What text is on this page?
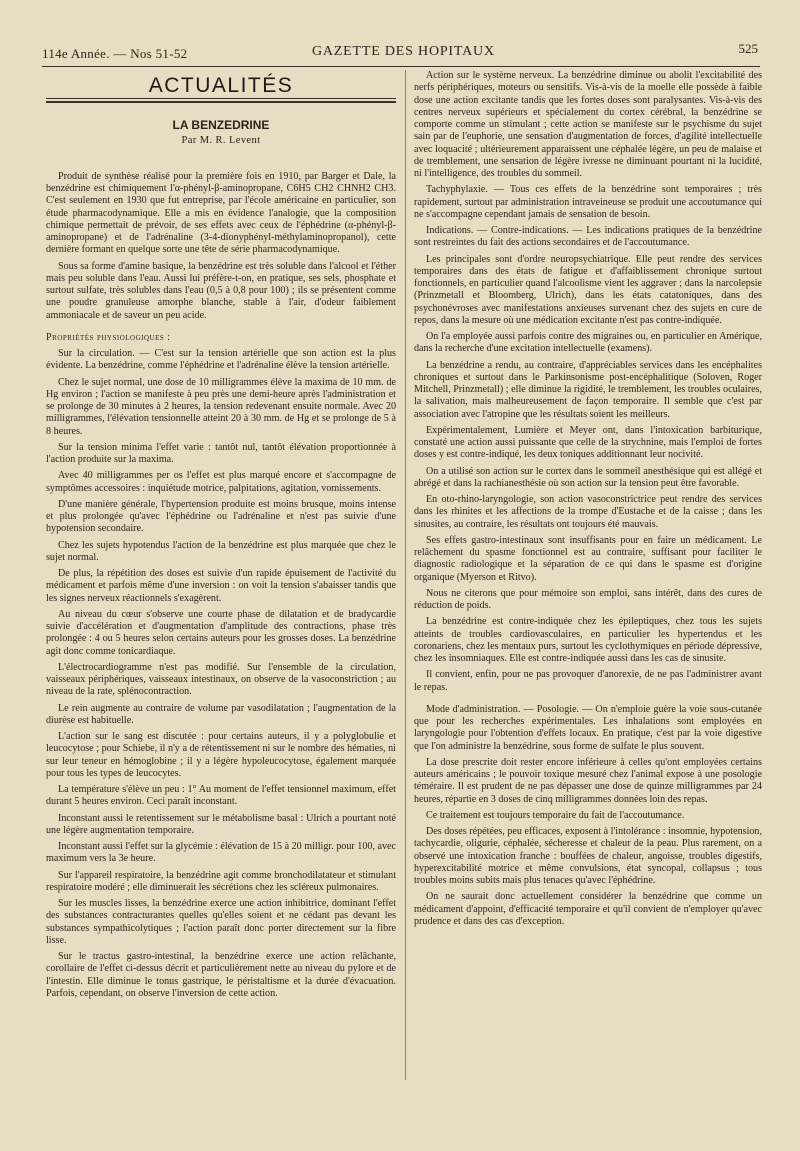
114e Année. — Nos 51-52	GAZETTE DES HOPITAUX	525
ACTUALITÉS
LA BENZEDRINE
Par M. R. Levent

Produit de synthèse réalisé pour la première fois en 1910, par Barger et Dale, la benzédrine est chimiquement l'α-phényl-β-aminopropane, C6H5 CH2 CHNH2 CH3. C'est seulement en 1930 que fut entreprise, par l'école américaine en particulier, son étude pharmacodynamique. Elle a mis en évidence l'analogie, que la composition chimique permettait de prévoir, de ses effets avec ceux de l'éphédrine (α-phényl-β-aminopropane) et de l'adrénaline (3-4-dionyphényl-méthylaminopropanol), cette dernière formant en quelque sorte une tête de série pharmacodynamique.

Sous sa forme d'amine basique, la benzédrine est très soluble dans l'alcool et l'éther mais peu soluble dans l'eau. Aussi lui préfère-t-on, en pratique, ses sels, phosphate et surtout sulfate, très solubles dans l'eau (0,5 à 0,8 pour 100) ; ils se présentent comme une poudre granuleuse amorphe blanche, stable à l'air, d'odeur faiblement ammoniacale et de saveur un peu acide.

Propriétés physiologiques :

Sur la circulation. — C'est sur la tension artérielle que son action est la plus évidente. La benzédrine, comme l'éphédrine et l'adrénaline élève la tension artérielle.

Chez le sujet normal, une dose de 10 milligrammes élève la maxima de 10 mm. de Hg environ ; l'action se manifeste à peu près une demi-heure après l'administration et se prolonge de 30 minutes à 2 heures, la tension redevenant ensuite normale. Avec 20 milligrammes, l'élévation tensionnelle atteint 20 à 30 mm. de Hg et se prolonge de 5 à 8 heures.

Sur la tension minima l'effet varie : tantôt nul, tantôt élévation proportionnée à l'action produite sur la maxima.

Avec 40 milligrammes per os l'effet est plus marqué encore et s'accompagne de symptômes accessoires : inquiétude motrice, palpitations, agitation, vomissements.

D'une manière générale, l'hypertension produite est moins brusque, moins intense et plus prolongée qu'avec l'éphédrine ou l'adrénaline et n'est pas suivie d'une hypotension secondaire.

Chez les sujets hypotendus l'action de la benzédrine est plus marquée que chez le sujet normal.

De plus, la répétition des doses est suivie d'un rapide épuisement de l'activité du médicament et parfois même d'une inversion : on voit la tension s'abaisser tandis que les signes nerveux réactionnels s'exagèrent.

Au niveau du cœur s'observe une courte phase de dilatation et de bradycardie suivie d'accélération et d'augmentation d'amplitude des contractions, phase très prolongée : 4 ou 5 heures selon certains auteurs pour les grosses doses. La benzédrine agit donc comme tonicardiaque.

L'électrocardiogramme n'est pas modifié. Sur l'ensemble de la circulation, vaisseaux périphériques, vaisseaux intestinaux, on observe de la vasoconstriction ; au niveau de la rate, splénocontraction.

Le rein augmente au contraire de volume par vasodilatation ; l'augmentation de la diurèse est habituelle.

L'action sur le sang est discutée : pour certains auteurs, il y a polyglobulie et leucocytose ; pour Schiebe, il n'y a de rétentissement ni sur le nombre des hématies, ni sur leur teneur en hémoglobine ; il y a légère hypoleucocytose, également marquée pour tous les types de leucocytes.

La température s'élève un peu : 1° Au moment de l'effet tensionnel maximum, effet durant 5 heures environ. Ceci paraît inconstant.

Inconstant aussi le retentissement sur le métabolisme basal : Ulrich a pourtant noté une légère augmentation temporaire.

Inconstant aussi l'effet sur la glycémie : élévation de 15 à 20 milligr. pour 100, avec maximum vers la 3e heure.

Sur l'appareil respiratoire, la benzédrine agit comme bronchodilatateur et stimulant respiratoire modéré ; elle diminuerait les sécrétions chez les scléreux pulmonaires.

Sur les muscles lisses, la benzédrine exerce une action inhibitrice, dominant l'effet des substances contracturantes quelles qu'elles soient et ne cédant pas devant les substances sympathicolytiques ; l'action paraît donc porter directement sur la fibre lisse.

Sur le tractus gastro-intestinal, la benzédrine exerce une action relâchante, corollaire de l'effet ci-dessus décrit et particulièrement nette au niveau du pylore et de l'intestin. Elle diminue le tonus gastrique, le péristaltisme et la durée d'évacuation. Parfois, cependant, on observe l'inversion de cette action.

Action sur le système nerveux. La benzédrine diminue ou abolit l'excitabilité des nerfs périphériques, moteurs ou sensitifs. Vis-à-vis de la moelle elle possède à faible dose une action excitante tandis que les fortes doses sont paralysantes. Vis-à-vis des centres nerveux supérieurs et spécialement du cortex cérébral, la benzédrine se comporte comme un stimulant ; cette action se manifeste sur le psychisme du sujet sain par de l'euphorie, une sensation d'augmentation de forces, d'agilité intellectuelle avec loquacité ; ultérieurement apparaissent une céphalée légère, un peu de malaise et de tremblement, une sensation de légère ivresse ne diminuant pourtant ni la lucidité, ni l'intelligence, des troubles du sommeil.

Tachyphylaxie. — Tous ces effets de la benzédrine sont temporaires ; très rapidement, surtout par administration intraveineuse se produit une accoutumance qui ne s'accompagne cependant jamais de sensation de besoin.

Indications. — Contre-indications. — Les indications pratiques de la benzédrine sont restreintes du fait des actions secondaires et de l'accoutumance.

Les principales sont d'ordre neuropsychiatrique. Elle peut rendre des services temporaires dans des états de fatigue et d'affaiblissement chronique surtout fonctionnels, en particulier quand l'alcoolisme vient les aggraver ; dans la narcolepsie (Prinzmetall et Bloomberg, Ulrich), dans les états catatoniques, dans des psychonévroses avec manifestations anxieuses survenant chez des sujets en cure de repos, dans la mesure où une médication excitante n'est pas contre-indiquée.

On l'a employée aussi parfois contre des migraines ou, en particulier en Amérique, dans la recherche d'une excitation intellectuelle (examens).

La benzédrine a rendu, au contraire, d'appréciables services dans les encéphalites chroniques et surtout dans le Parkinsonisme post-encéphalitique (Soloven, Roger Mitchell, Prinzmetall) ; elle diminue la rigidité, le tremblement, les troubles oculaires, la salivation, mais malheureusement de façon temporaire. Il semble que c'est par association avec l'atropine que les résultats soient les meilleurs.

Expérimentalement, Lumière et Meyer ont, dans l'intoxication barbiturique, constaté une action aussi puissante que celle de la strychnine, mais l'emploi de fortes doses y est contre-indiqué, les deux toniques additionnant leur nocivité.

On a utilisé son action sur le cortex dans le sommeil anesthésique qui est allégé et abrégé et dans la rachianesthésie où son action sur la tension peut être favorable.

En oto-rhino-laryngologie, son action vasoconstrictrice peut rendre des services dans les rhinites et les affections de la trompe d'Eustache et de la caisse ; dans les sinusites, au contraire, les résultats ont toujours été mauvais.

Ses effets gastro-intestinaux sont insuffisants pour en faire un médicament. Le relâchement du spasme fonctionnel est au contraire, suffisant pour faciliter le diagnostic radiologique et la séparation de ce qui dans le spasme est d'origine organique (Myerson et Ritvo).

Nous ne citerons que pour mémoire son emploi, sans intérêt, dans des cures de réduction de poids.

La benzédrine est contre-indiquée chez les épileptiques, chez tous les sujets atteints de troubles cardiovasculaires, en particulier les hypertendus et les coronariens, chez les mentaux purs, surtout les cyclothymiques en période dépressive, chez les insomniaques. Elle est contre-indiquée aussi dans les cas de sinusite.

Il convient, enfin, pour ne pas provoquer d'anorexie, de ne pas l'administrer avant le repas.

Mode d'administration. — Posologie. — On n'emploie guère la voie sous-cutanée que pour les recherches expérimentales. Les inhalations sont employées en laryngologie pour l'obtention d'effets locaux. En pratique, c'est par la voie digestive que l'on administre la benzédrine, sous forme de sulfate le plus souvent.

La dose prescrite doit rester encore inférieure à celles qu'ont employées certains auteurs américains ; le pouvoir toxique mesuré chez l'animal expose à une posologie téméraire. Il est prudent de ne pas dépasser une dose de quinze milligrammes par 24 heures, répartie en 3 doses de cinq milligrammes données loin des repas.

Ce traitement est toujours temporaire du fait de l'accoutumance.

Des doses répétées, peu efficaces, exposent à l'intolérance : insomnie, hypotension, tachycardie, oligurie, céphalée, sécheresse et chaleur de la peau. Plus rarement, on a observé une intoxication franche : bouffées de chaleur, angoisse, troubles digestifs, hyperexcitabilité motrice et même convulsions, état syncopal, collapsus ; tous troubles moins subits mais plus tenaces qu'avec l'éphédrine.

On ne saurait donc actuellement considérer la benzédrine que comme un médicament d'appoint, d'efficacité temporaire et qu'il convient de n'employer qu'avec prudence et dans des cas d'exception.
